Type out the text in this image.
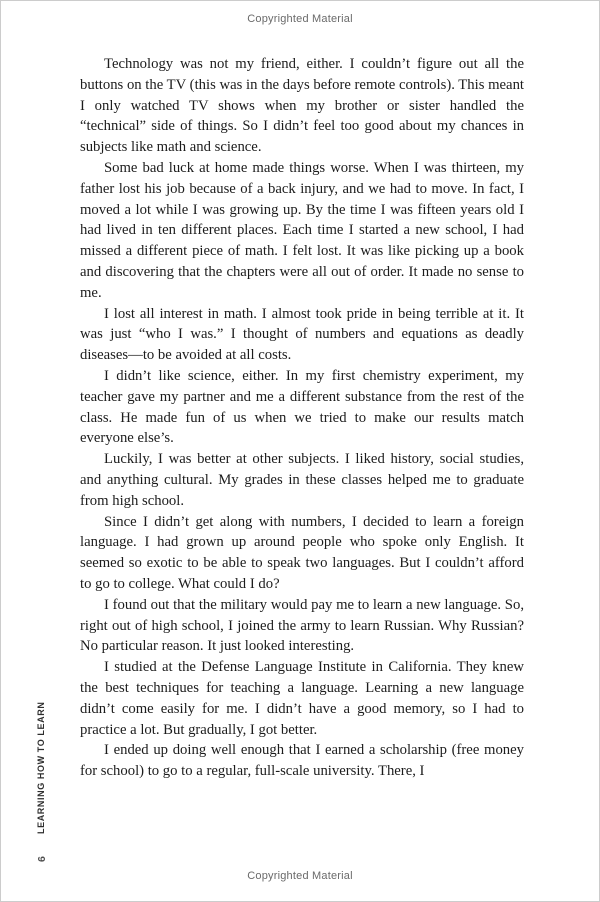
Copyrighted Material

Technology was not my friend, either. I couldn’t figure out all the buttons on the TV (this was in the days before remote controls). This meant I only watched TV shows when my brother or sister handled the “technical” side of things. So I didn’t feel too good about my chances in subjects like math and science.

Some bad luck at home made things worse. When I was thirteen, my father lost his job because of a back injury, and we had to move. In fact, I moved a lot while I was growing up. By the time I was fifteen years old I had lived in ten different places. Each time I started a new school, I had missed a different piece of math. I felt lost. It was like picking up a book and discovering that the chapters were all out of order. It made no sense to me.

I lost all interest in math. I almost took pride in being terrible at it. It was just “who I was.” I thought of numbers and equations as deadly diseases—to be avoided at all costs.

I didn’t like science, either. In my first chemistry experiment, my teacher gave my partner and me a different substance from the rest of the class. He made fun of us when we tried to make our results match everyone else’s.

Luckily, I was better at other subjects. I liked history, social studies, and anything cultural. My grades in these classes helped me to graduate from high school.

Since I didn’t get along with numbers, I decided to learn a foreign language. I had grown up around people who spoke only English. It seemed so exotic to be able to speak two languages. But I couldn’t afford to go to college. What could I do?

I found out that the military would pay me to learn a new language. So, right out of high school, I joined the army to learn Russian. Why Russian? No particular reason. It just looked interesting.

I studied at the Defense Language Institute in California. They knew the best techniques for teaching a language. Learning a new language didn’t come easily for me. I didn’t have a good memory, so I had to practice a lot. But gradually, I got better.

I ended up doing well enough that I earned a scholarship (free money for school) to go to a regular, full-scale university. There, I

LEARNING HOW TO LEARN
6
Copyrighted Material
